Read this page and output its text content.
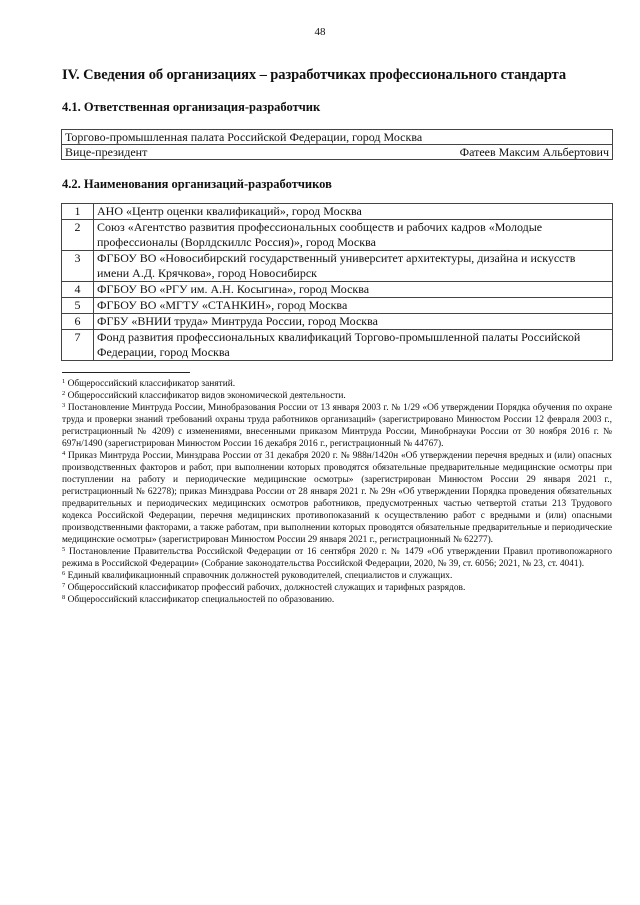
48
IV. Сведения об организациях – разработчиках профессионального стандарта
4.1. Ответственная организация-разработчик
Торгово-промышленная палата Российской Федерации, город Москва

Вице-президент	Фатеев Максим Альбертович
4.2. Наименования организаций-разработчиков
1	АНО «Центр оценки квалификаций», город Москва
2	Союз «Агентство развития профессиональных сообществ и рабочих кадров «Молодые профессионалы (Ворлдскиллс Россия)», город Москва
3	ФГБОУ ВО «Новосибирский государственный университет архитектуры, дизайна и искусств имени А.Д. Крячкова», город Новосибирск
4	ФГБОУ ВО «РГУ им. А.Н. Косыгина», город Москва
5	ФГБОУ ВО «МГТУ «СТАНКИН», город Москва
6	ФГБУ «ВНИИ труда» Минтруда России, город Москва
7	Фонд развития профессиональных квалификаций Торгово-промышленной палаты Российской Федерации, город Москва

$^1$ Общероссийский классификатор занятий.

$^2$ Общероссийский классификатор видов экономической деятельности.

$^3$ Постановление Минтруда России, Минобразования России от 13 января 2003 г. № 1/29 «Об утверждении Порядка обучения по охране труда и проверки знаний требований охраны труда работников организаций» (зарегистрировано Минюстом России 12 февраля 2003 г., регистрационный № 4209) с изменениями, внесенными приказом Минтруда России, Минобрнауки России от 30 ноября 2016 г. № 697н/1490 (зарегистрирован Минюстом России 16 декабря 2016 г., регистрационный № 44767).

$^4$ Приказ Минтруда России, Минздрава России от 31 декабря 2020 г. № 988н/1420н «Об утверждении перечня вредных и (или) опасных производственных факторов и работ, при выполнении которых проводятся обязательные предварительные медицинские осмотры при поступлении на работу и периодические медицинские осмотры» (зарегистрирован Минюстом России 29 января 2021 г., регистрационный № 62278); приказ Минздрава России от 28 января 2021 г. № 29н «Об утверждении Порядка проведения обязательных предварительных и периодических медицинских осмотров работников, предусмотренных частью четвертой статьи 213 Трудового кодекса Российской Федерации, перечня медицинских противопоказаний к осуществлению работ с вредными и (или) опасными производственными факторами, а также работам, при выполнении которых проводятся обязательные предварительные и периодические медицинские осмотры» (зарегистрирован Минюстом России 29 января 2021 г., регистрационный № 62277).

$^5$ Постановление Правительства Российской Федерации от 16 сентября 2020 г. № 1479 «Об утверждении Правил противопожарного режима в Российской Федерации» (Собрание законодательства Российской Федерации, 2020, № 39, ст. 6056; 2021, № 23, ст. 4041).

$^6$ Единый квалификационный справочник должностей руководителей, специалистов и служащих.

$^7$ Общероссийский классификатор профессий рабочих, должностей служащих и тарифных разрядов.

$^8$ Общероссийский классификатор специальностей по образованию.
